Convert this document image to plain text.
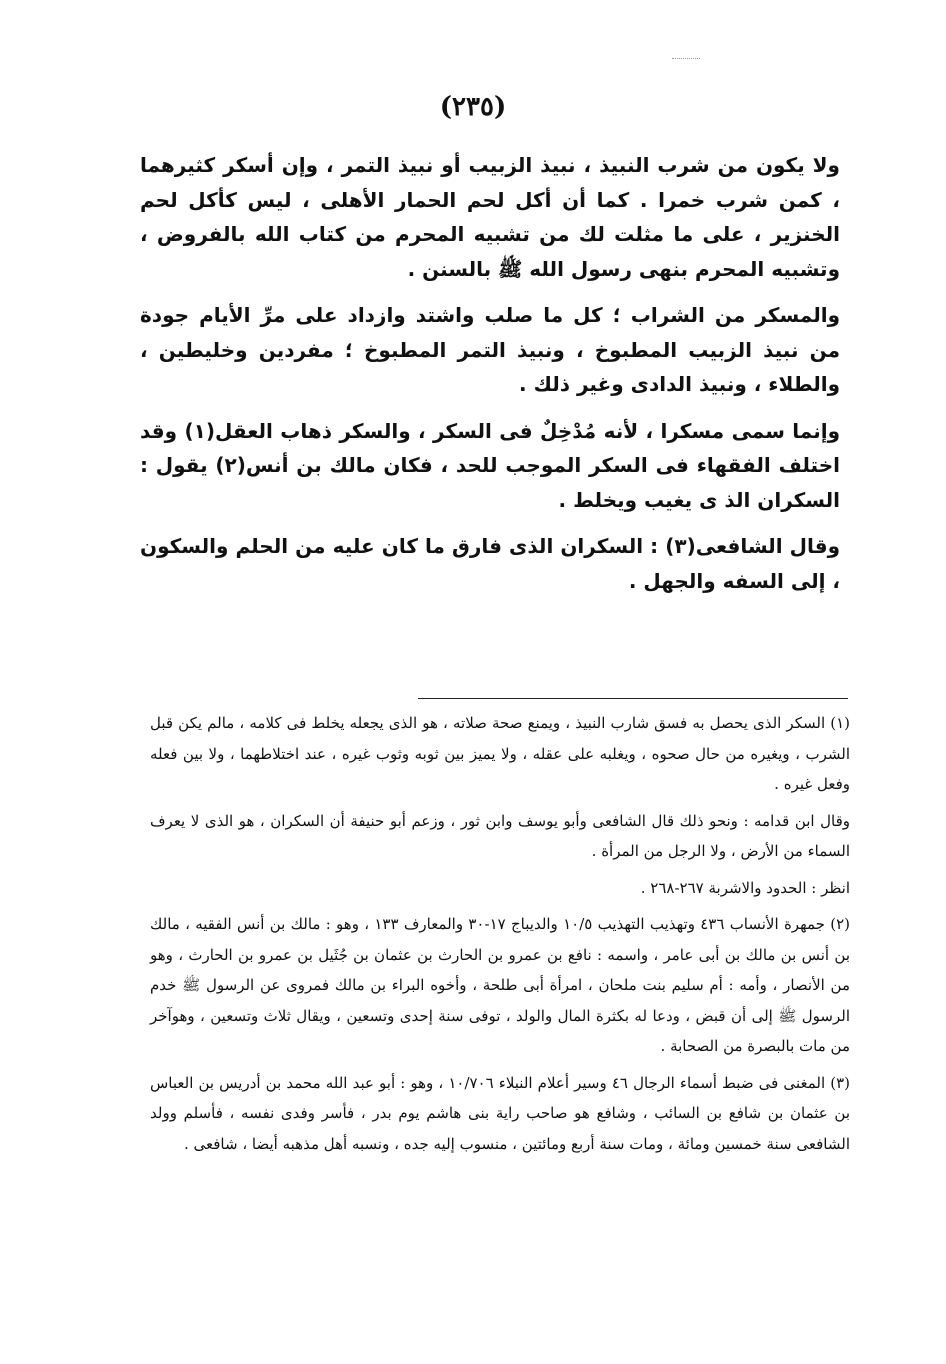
(٢٣٥)

ولا يكون من شرب النبيذ ، نبيذ الزبيب أو نبيذ التمر ، وإن أسكر كثيرهما ، كمن شرب خمرا . كما أن أكل لحم الحمار الأهلى ، ليس كأكل لحم الخنزير ، على ما مثلت لك من تشبيه المحرم من كتاب الله بالفروض ، وتشبيه المحرم بنهى رسول الله ﷺ بالسنن .

والمسكر من الشراب ؛ كل ما صلب واشتد وازداد على مرِّ الأيام جودة من نبيذ الزبيب المطبوخ ، ونبيذ التمر المطبوخ ؛ مفردين وخليطين ، والطلاء ، ونبيذ الدادى وغير ذلك .

وإنما سمى مسكرا ، لأنه مُدْخِلٌ فى السكر ، والسكر ذهاب العقل(١) وقد اختلف الفقهاء فى السكر الموجب للحد ، فكان مالك بن أنس(٢) يقول : السكران الذ ى يغيب ويخلط .

وقال الشافعى(٣) : السكران الذى فارق ما كان عليه من الحلم والسكون ، إلى السفه والجهل .

(١) السكر الذى يحصل به فسق شارب النبيذ ، ويمنع صحة صلاته ، هو الذى يجعله يخلط فى كلامه ، مالم يكن قبل الشرب ، ويغيره من حال صحوه ، ويغلبه على عقله ، ولا يميز بين ثوبه وثوب غيره ، عند اختلاطهما ، ولا بين فعله وفعل غيره .

وقال ابن قدامه : ونحو ذلك قال الشافعى وأبو يوسف وابن ثور ، وزعم أبو حنيفة أن السكران ، هو الذى لا يعرف السماء من الأرض ، ولا الرجل من المرأة .

انظر : الحدود والاشربة ٢٦٧-٢٦٨ .

(٢) جمهرة الأنساب ٤٣٦ وتهذيب التهذيب ١٠/٥ والديباج ١٧-٣٠ والمعارف ١٣٣ ، وهو : مالك بن أنس الفقيه ، مالك بن أنس بن مالك بن أبى عامر ، واسمه : نافع بن عمرو بن الحارث بن عثمان بن جُثَيل بن عمرو بن الحارث ، وهو من الأنصار ، وأمه : أم سليم بنت ملحان ، امرأة أبى طلحة ، وأخوه البراء بن مالك فمروى عن الرسول ﷺ خدم الرسول ﷺ إلى أن قبض ، ودعا له بكثرة المال والولد ، توفى سنة إحدى وتسعين ، ويقال ثلاث وتسعين ، وهوآخر من مات بالبصرة من الصحابة .

(٣) المغنى فى ضبط أسماء الرجال ٤٦ وسير أعلام النبلاء ١٠/٧٠٦ ، وهو : أبو عبد الله محمد بن أدريس بن العباس بن عثمان بن شافع بن السائب ، وشافع هو صاحب راية بنى هاشم يوم بدر ، فأسر وفدى نفسه ، فأسلم وولد الشافعى سنة خمسين ومائة ، ومات سنة أربع ومائتين ، منسوب إليه جده ، ونسبه أهل مذهبه أيضا ، شافعى .
